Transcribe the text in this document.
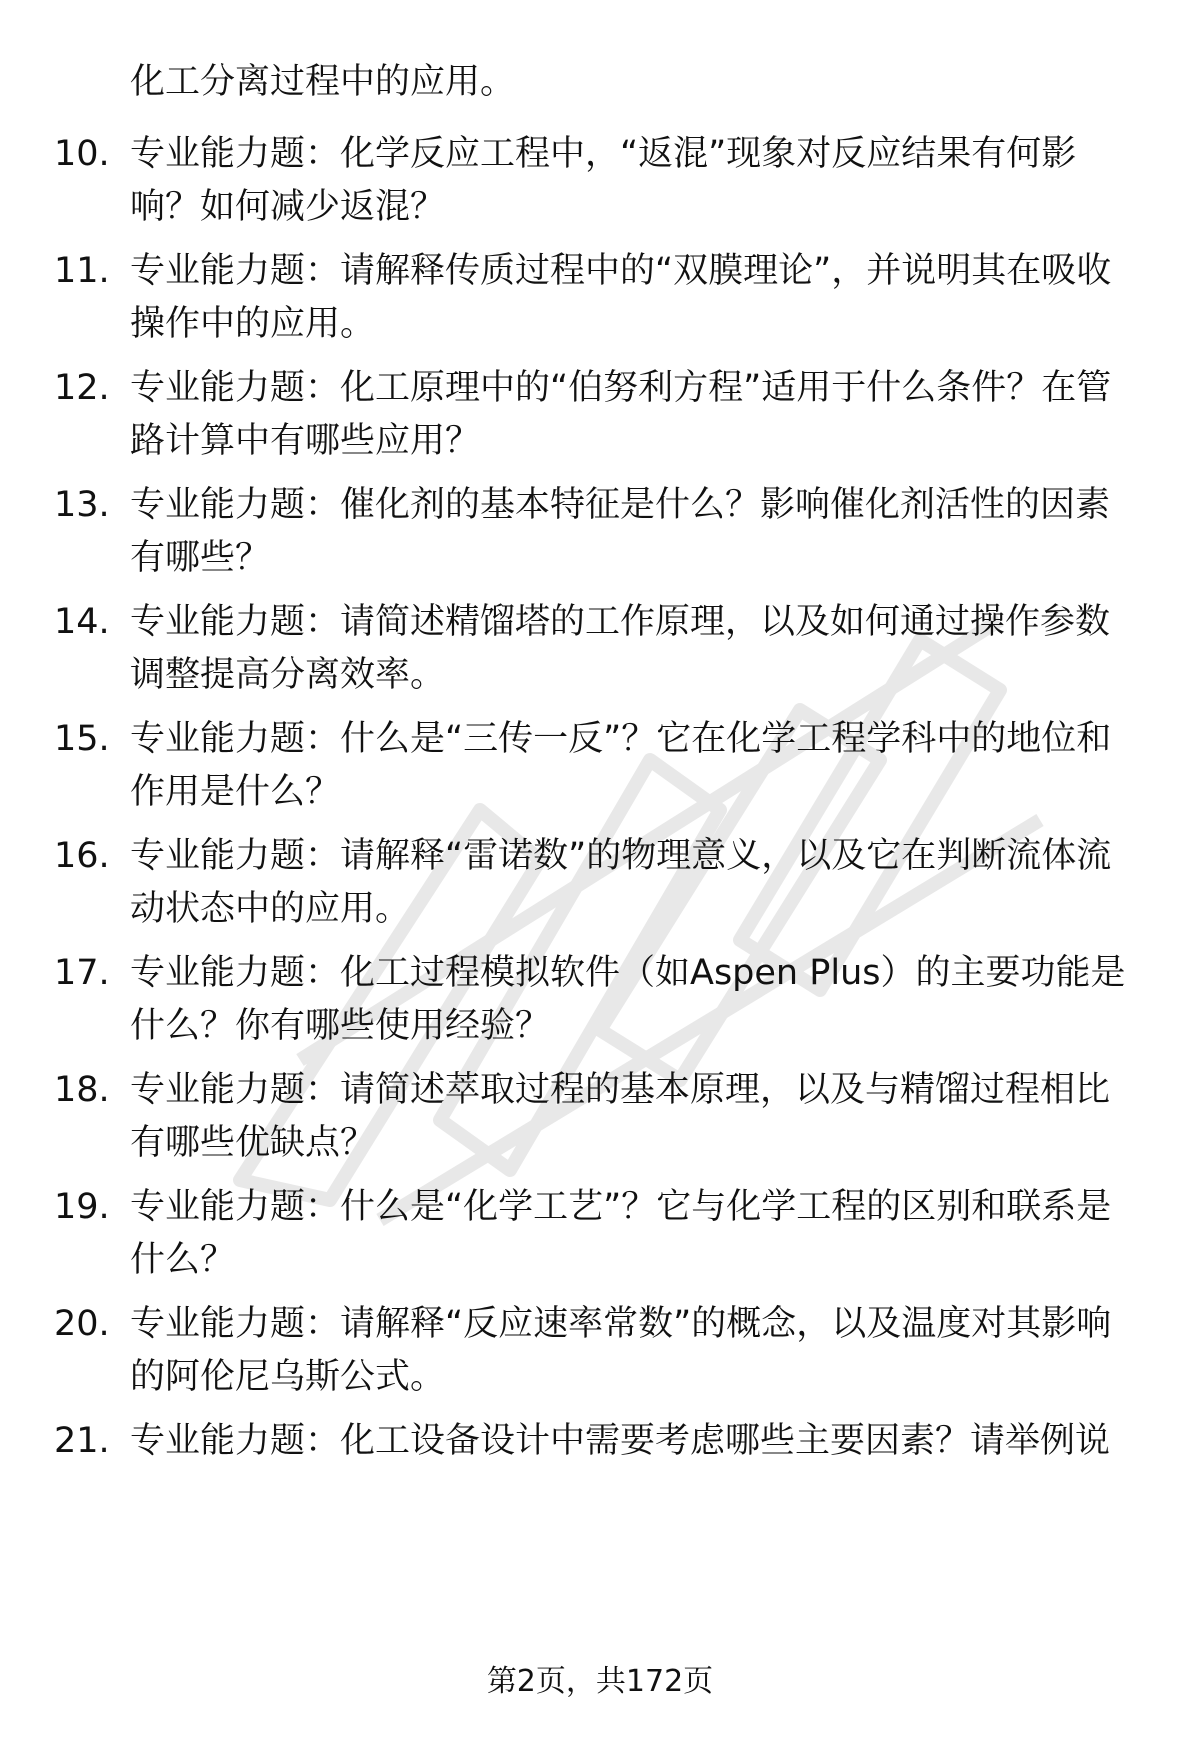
化工分离过程中的应用。
10. 专业能力题：化学反应工程中，“返混”现象对反应结果有何影响？如何减少返混？
11. 专业能力题：请解释传质过程中的“双膜理论”，并说明其在吸收操作中的应用。
12. 专业能力题：化工原理中的“伯努利方程”适用于什么条件？在管路计算中有哪些应用？
13. 专业能力题：催化剂的基本特征是什么？影响催化剂活性的因素有哪些？
14. 专业能力题：请简述精馏塔的工作原理，以及如何通过操作参数调整提高分离效率。
15. 专业能力题：什么是“三传一反”？它在化学工程学科中的地位和作用是什么？
16. 专业能力题：请解释“雷诺数”的物理意义，以及它在判断流体流动状态中的应用。
17. 专业能力题：化工过程模拟软件（如Aspen Plus）的主要功能是什么？你有哪些使用经验？
18. 专业能力题：请简述萃取过程的基本原理，以及与精馏过程相比有哪些优缺点？
19. 专业能力题：什么是“化学工艺”？它与化学工程的区别和联系是什么？
20. 专业能力题：请解释“反应速率常数”的概念，以及温度对其影响的阿伦尼乌斯公式。
21. 专业能力题：化工设备设计中需要考虑哪些主要因素？请举例说
第2页，共172页
